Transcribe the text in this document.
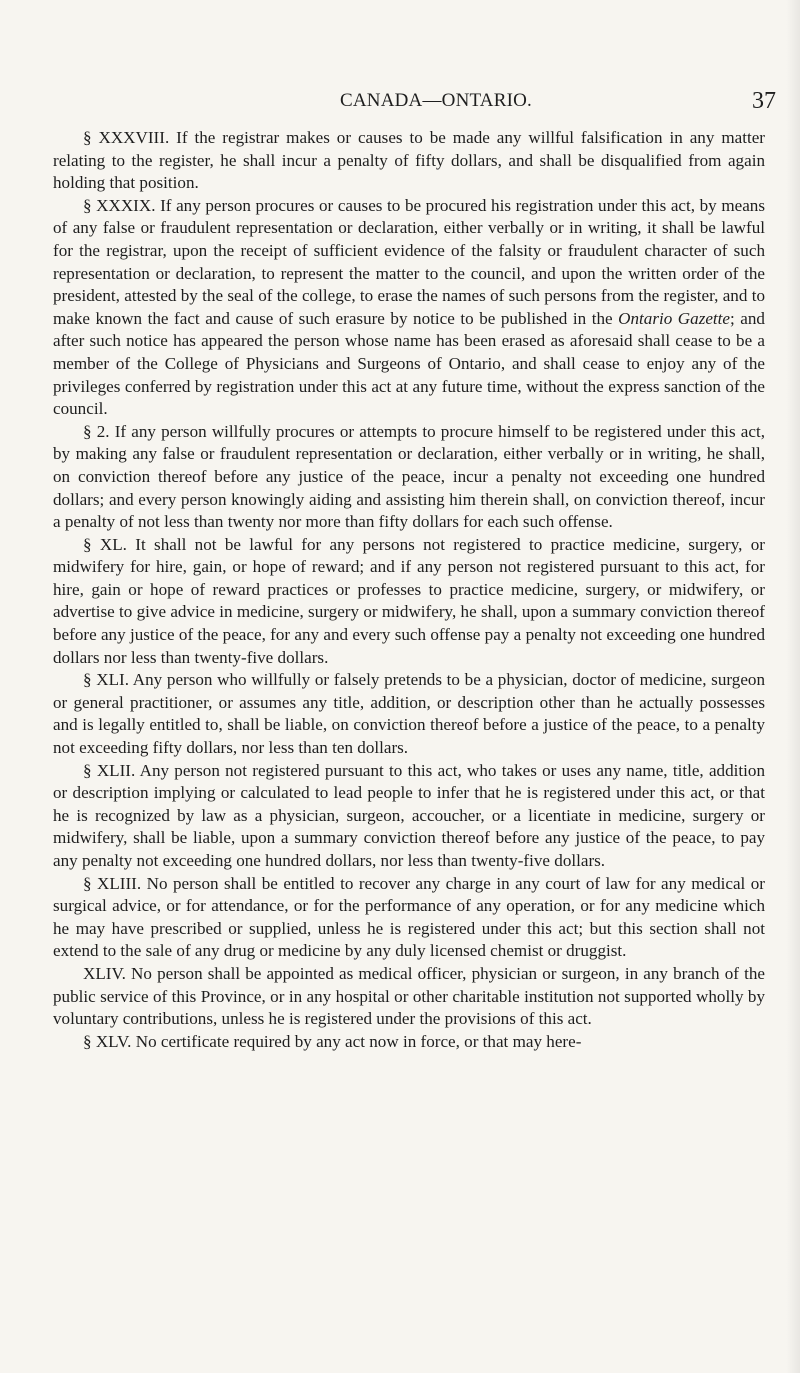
CANADA—ONTARIO.	37

§ XXXVIII. If the registrar makes or causes to be made any willful falsification in any matter relating to the register, he shall incur a penalty of fifty dollars, and shall be disqualified from again holding that position.

§ XXXIX. If any person procures or causes to be procured his registration under this act, by means of any false or fraudulent representation or declaration, either verbally or in writing, it shall be lawful for the registrar, upon the receipt of sufficient evidence of the falsity or fraudulent character of such representation or declaration, to represent the matter to the council, and upon the written order of the president, attested by the seal of the college, to erase the names of such persons from the register, and to make known the fact and cause of such erasure by notice to be published in the Ontario Gazette; and after such notice has appeared the person whose name has been erased as aforesaid shall cease to be a member of the College of Physicians and Surgeons of Ontario, and shall cease to enjoy any of the privileges conferred by registration under this act at any future time, without the express sanction of the council.

§ 2. If any person willfully procures or attempts to procure himself to be registered under this act, by making any false or fraudulent representation or declaration, either verbally or in writing, he shall, on conviction thereof before any justice of the peace, incur a penalty not exceeding one hundred dollars; and every person knowingly aiding and assisting him therein shall, on conviction thereof, incur a penalty of not less than twenty nor more than fifty dollars for each such offense.

§ XL. It shall not be lawful for any persons not registered to practice medicine, surgery, or midwifery for hire, gain, or hope of reward; and if any person not registered pursuant to this act, for hire, gain or hope of reward practices or professes to practice medicine, surgery, or midwifery, or advertise to give advice in medicine, surgery or midwifery, he shall, upon a summary conviction thereof before any justice of the peace, for any and every such offense pay a penalty not exceeding one hundred dollars nor less than twenty-five dollars.

§ XLI. Any person who willfully or falsely pretends to be a physician, doctor of medicine, surgeon or general practitioner, or assumes any title, addition, or description other than he actually possesses and is legally entitled to, shall be liable, on conviction thereof before a justice of the peace, to a penalty not exceeding fifty dollars, nor less than ten dollars.

§ XLII. Any person not registered pursuant to this act, who takes or uses any name, title, addition or description implying or calculated to lead people to infer that he is registered under this act, or that he is recognized by law as a physician, surgeon, accoucher, or a licentiate in medicine, surgery or midwifery, shall be liable, upon a summary conviction thereof before any justice of the peace, to pay any penalty not exceeding one hundred dollars, nor less than twenty-five dollars.

§ XLIII. No person shall be entitled to recover any charge in any court of law for any medical or surgical advice, or for attendance, or for the performance of any operation, or for any medicine which he may have prescribed or supplied, unless he is registered under this act; but this section shall not extend to the sale of any drug or medicine by any duly licensed chemist or druggist.

XLIV. No person shall be appointed as medical officer, physician or surgeon, in any branch of the public service of this Province, or in any hospital or other charitable institution not supported wholly by voluntary contributions, unless he is registered under the provisions of this act.

§ XLV. No certificate required by any act now in force, or that may here-
